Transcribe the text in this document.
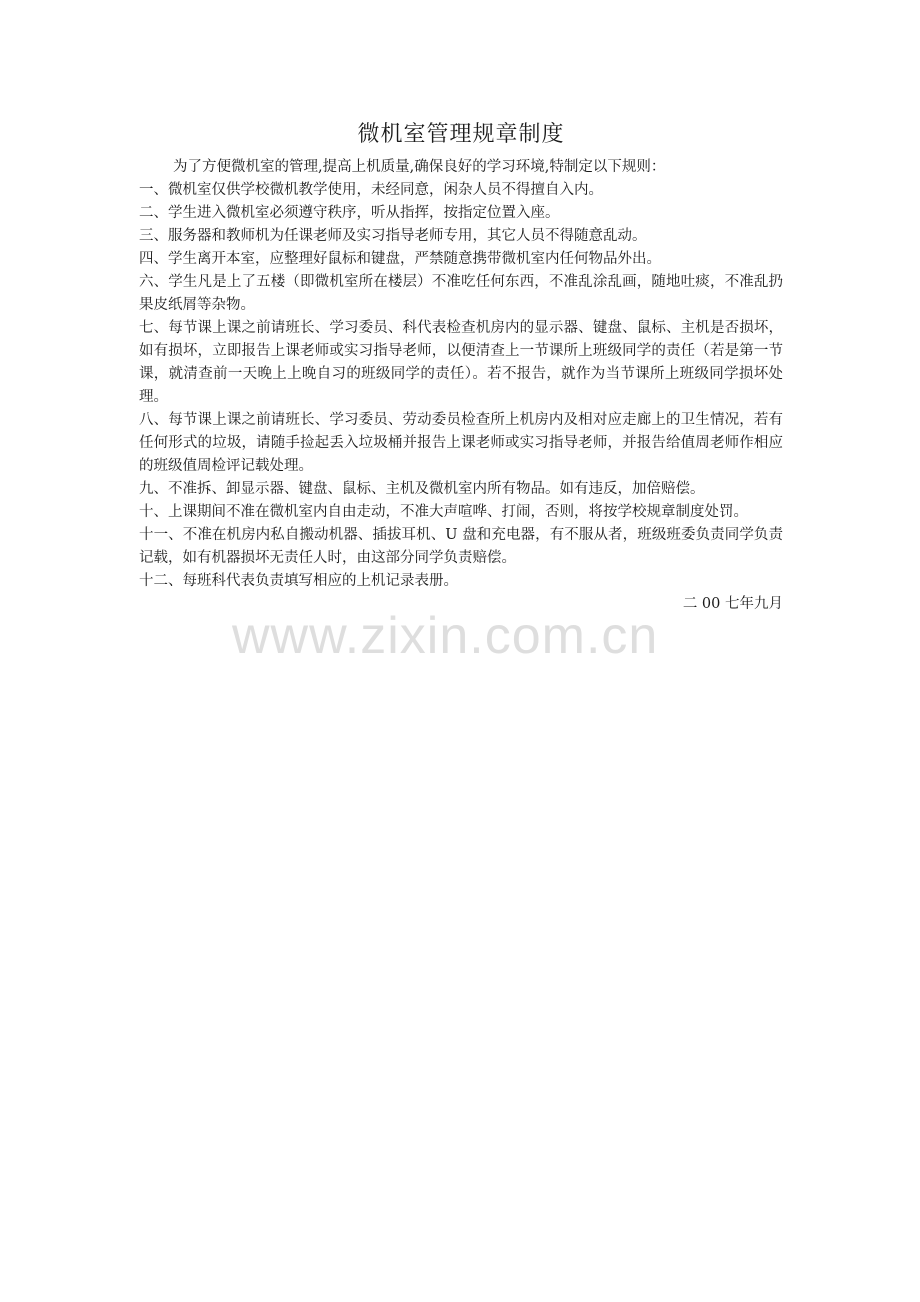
微机室管理规章制度

为了方便微机室的管理,提高上机质量,确保良好的学习环境,特制定以下规则：

一、微机室仅供学校微机教学使用，未经同意，闲杂人员不得擅自入内。

二、学生进入微机室必须遵守秩序，听从指挥，按指定位置入座。

三、服务器和教师机为任课老师及实习指导老师专用，其它人员不得随意乱动。

四、学生离开本室，应整理好鼠标和键盘，严禁随意携带微机室内任何物品外出。

六、学生凡是上了五楼（即微机室所在楼层）不准吃任何东西，不准乱涂乱画，随地吐痰，不准乱扔果皮纸屑等杂物。

七、每节课上课之前请班长、学习委员、科代表检查机房内的显示器、键盘、鼠标、主机是否损坏，如有损坏，立即报告上课老师或实习指导老师，以便清查上一节课所上班级同学的责任（若是第一节课，就清查前一天晚上上晚自习的班级同学的责任）。若不报告，就作为当节课所上班级同学损坏处理。

八、每节课上课之前请班长、学习委员、劳动委员检查所上机房内及相对应走廊上的卫生情况，若有任何形式的垃圾，请随手捡起丢入垃圾桶并报告上课老师或实习指导老师，并报告给值周老师作相应的班级值周检评记载处理。

九、不准拆、卸显示器、键盘、鼠标、主机及微机室内所有物品。如有违反，加倍赔偿。

十、上课期间不准在微机室内自由走动，不准大声喧哗、打闹，否则，将按学校规章制度处罚。

十一、不准在机房内私自搬动机器、插拔耳机、U 盘和充电器，有不服从者，班级班委负责同学负责记载，如有机器损坏无责任人时，由这部分同学负责赔偿。

十二、每班科代表负责填写相应的上机记录表册。

二 00 七年九月
www.zixin.com.cn
